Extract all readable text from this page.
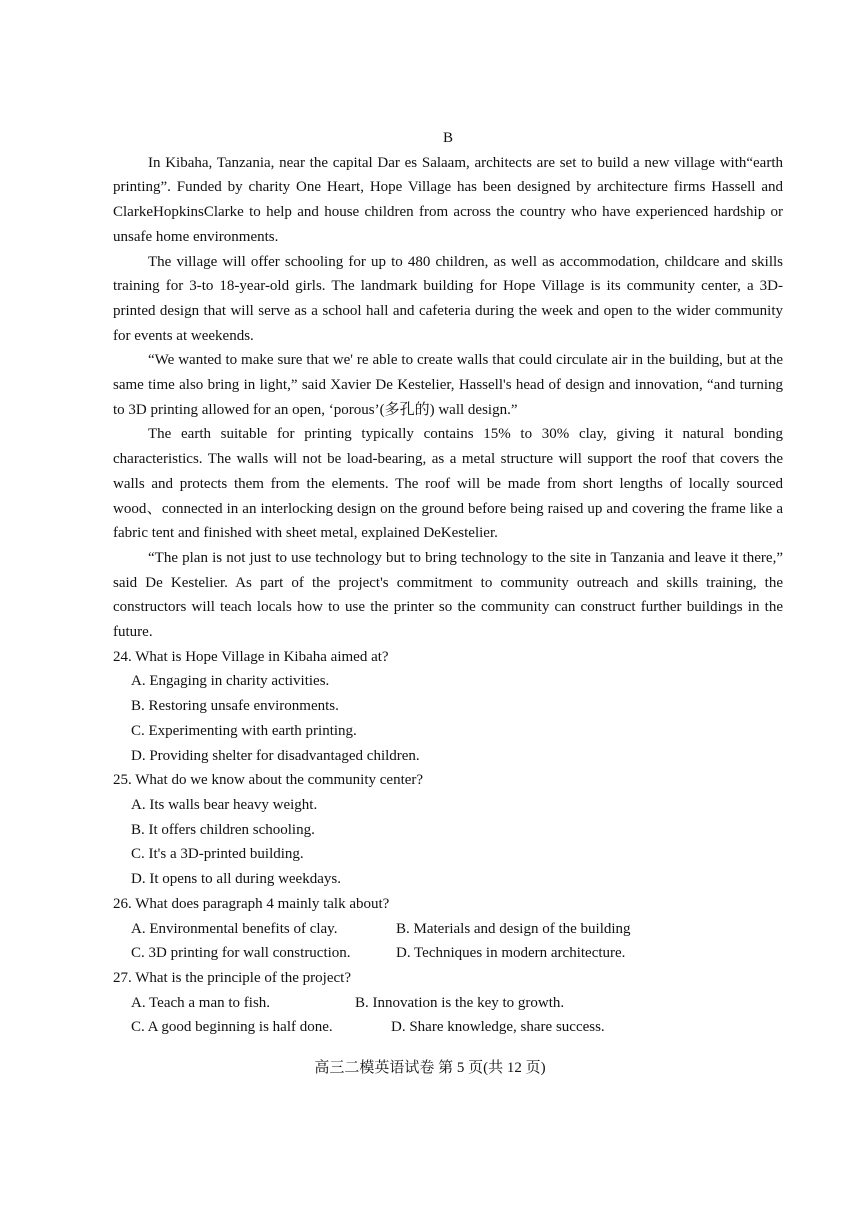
B

In Kibaha, Tanzania, near the capital Dar es Salaam, architects are set to build a new village with“earth printing”. Funded by charity One Heart, Hope Village has been designed by architecture firms Hassell and ClarkeHopkinsClarke to help and house children from across the country who have experienced hardship or unsafe home environments.

The village will offer schooling for up to 480 children, as well as accommodation, childcare and skills training for 3-to 18-year-old girls. The landmark building for Hope Village is its community center, a 3D-printed design that will serve as a school hall and cafeteria during the week and open to the wider community for events at weekends.

“We wanted to make sure that we' re able to create walls that could circulate air in the building, but at the same time also bring in light,” said Xavier De Kestelier, Hassell's head of design and innovation, “and turning to 3D printing allowed for an open, ‘porous’(多孔的) wall design.”

The earth suitable for printing typically contains 15% to 30% clay, giving it natural bonding characteristics. The walls will not be load-bearing, as a metal structure will support the roof that covers the walls and protects them from the elements. The roof will be made from short lengths of locally sourced wood、connected in an interlocking design on the ground before being raised up and covering the frame like a fabric tent and finished with sheet metal, explained DeKestelier.

“The plan is not just to use technology but to bring technology to the site in Tanzania and leave it there,” said De Kestelier. As part of the project's commitment to community outreach and skills training, the constructors will teach locals how to use the printer so the community can construct further buildings in the future.

24. What is Hope Village in Kibaha aimed at?

A. Engaging in charity activities.
B. Restoring unsafe environments.
C. Experimenting with earth printing.
D. Providing shelter for disadvantaged children.

25. What do we know about the community center?

A. Its walls bear heavy weight.
B. It offers children schooling.
C. It's a 3D-printed building.
D. It opens to all during weekdays.

26. What does paragraph 4 mainly talk about?

A. Environmental benefits of clay.	B. Materials and design of the building
C. 3D printing for wall construction.	D. Techniques in modern architecture.

27. What is the principle of the project?

A. Teach a man to fish.	B. Innovation is the key to growth.
C. A good beginning is half done.	D. Share knowledge, share success.
高三二模英语试卷 第 5 页(共 12 页)
